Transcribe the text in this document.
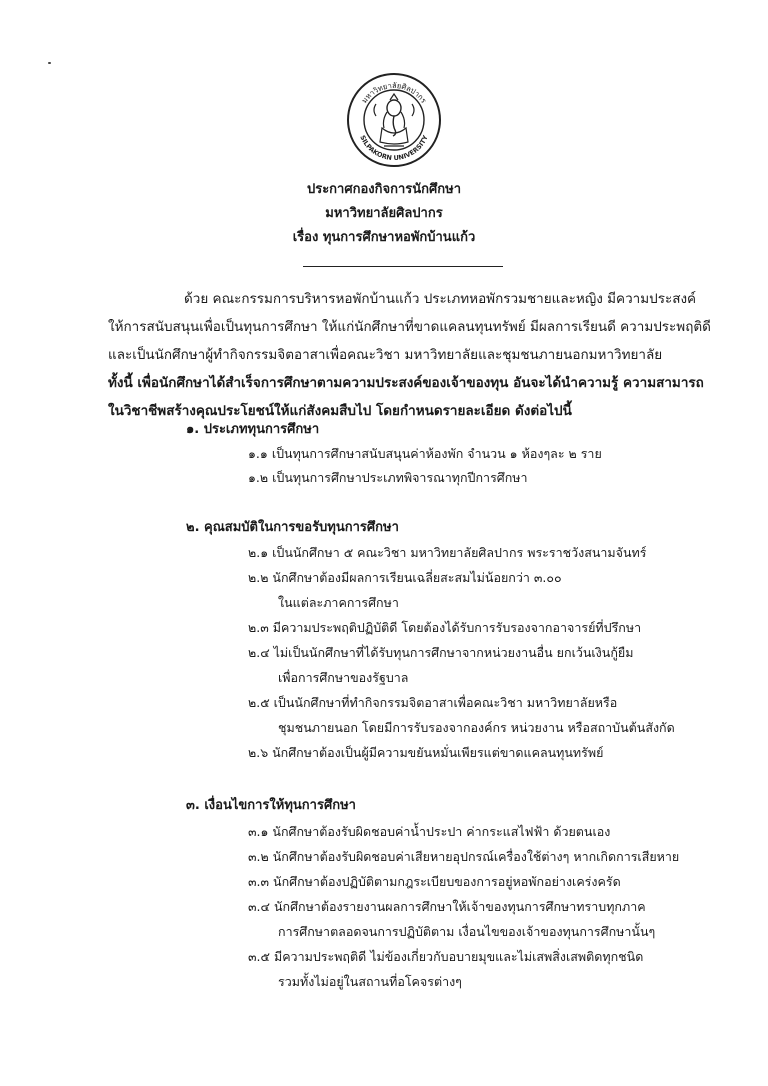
มหาวิทยาลัยศิลปากร
SILPAKORN UNIVERSITY
ประกาศกองกิจการนักศึกษา
มหาวิทยาลัยศิลปากร
เรื่อง ทุนการศึกษาหอพักบ้านแก้ว
ด้วย คณะกรรมการบริหารหอพักบ้านแก้ว ประเภทหอพักรวมชายและหญิง มีความประสงค์
ให้การสนับสนุนเพื่อเป็นทุนการศึกษา ให้แก่นักศึกษาที่ขาดแคลนทุนทรัพย์ มีผลการเรียนดี ความประพฤติดี
และเป็นนักศึกษาผู้ทำกิจกรรมจิตอาสาเพื่อคณะวิชา มหาวิทยาลัยและชุมชนภายนอกมหาวิทยาลัย
ทั้งนี้ เพื่อนักศึกษาได้สำเร็จการศึกษาตามความประสงค์ของเจ้าของทุน อันจะได้นำความรู้ ความสามารถ
ในวิชาชีพสร้างคุณประโยชน์ให้แก่สังคมสืบไป โดยกำหนดรายละเอียด ดังต่อไปนี้
๑. ประเภททุนการศึกษา
๑.๑ เป็นทุนการศึกษาสนับสนุนค่าห้องพัก จำนวน ๑ ห้องๆละ ๒ ราย
๑.๒ เป็นทุนการศึกษาประเภทพิจารณาทุกปีการศึกษา
๒. คุณสมบัติในการขอรับทุนการศึกษา
๒.๑ เป็นนักศึกษา ๕ คณะวิชา มหาวิทยาลัยศิลปากร พระราชวังสนามจันทร์
๒.๒ นักศึกษาต้องมีผลการเรียนเฉลี่ยสะสมไม่น้อยกว่า ๓.๐๐
ในแต่ละภาคการศึกษา
๒.๓ มีความประพฤติปฏิบัติดี โดยต้องได้รับการรับรองจากอาจารย์ที่ปรึกษา
๒.๔ ไม่เป็นนักศึกษาที่ได้รับทุนการศึกษาจากหน่วยงานอื่น ยกเว้นเงินกู้ยืม
เพื่อการศึกษาของรัฐบาล
๒.๕ เป็นนักศึกษาที่ทำกิจกรรมจิตอาสาเพื่อคณะวิชา มหาวิทยาลัยหรือ
ชุมชนภายนอก โดยมีการรับรองจากองค์กร หน่วยงาน หรือสถาบันต้นสังกัด
๒.๖ นักศึกษาต้องเป็นผู้มีความขยันหมั่นเพียรแต่ขาดแคลนทุนทรัพย์
๓. เงื่อนไขการให้ทุนการศึกษา
๓.๑ นักศึกษาต้องรับผิดชอบค่าน้ำประปา ค่ากระแสไฟฟ้า ด้วยตนเอง
๓.๒ นักศึกษาต้องรับผิดชอบค่าเสียหายอุปกรณ์เครื่องใช้ต่างๆ หากเกิดการเสียหาย
๓.๓ นักศึกษาต้องปฏิบัติตามกฎระเบียบของการอยู่หอพักอย่างเคร่งครัด
๓.๔ นักศึกษาต้องรายงานผลการศึกษาให้เจ้าของทุนการศึกษาทราบทุกภาค
การศึกษาตลอดจนการปฏิบัติตาม เงื่อนไขของเจ้าของทุนการศึกษานั้นๆ
๓.๕ มีความประพฤติดี ไม่ข้องเกี่ยวกับอบายมุขและไม่เสพสิ่งเสพติดทุกชนิด
รวมทั้งไม่อยู่ในสถานที่อโคจรต่างๆ
